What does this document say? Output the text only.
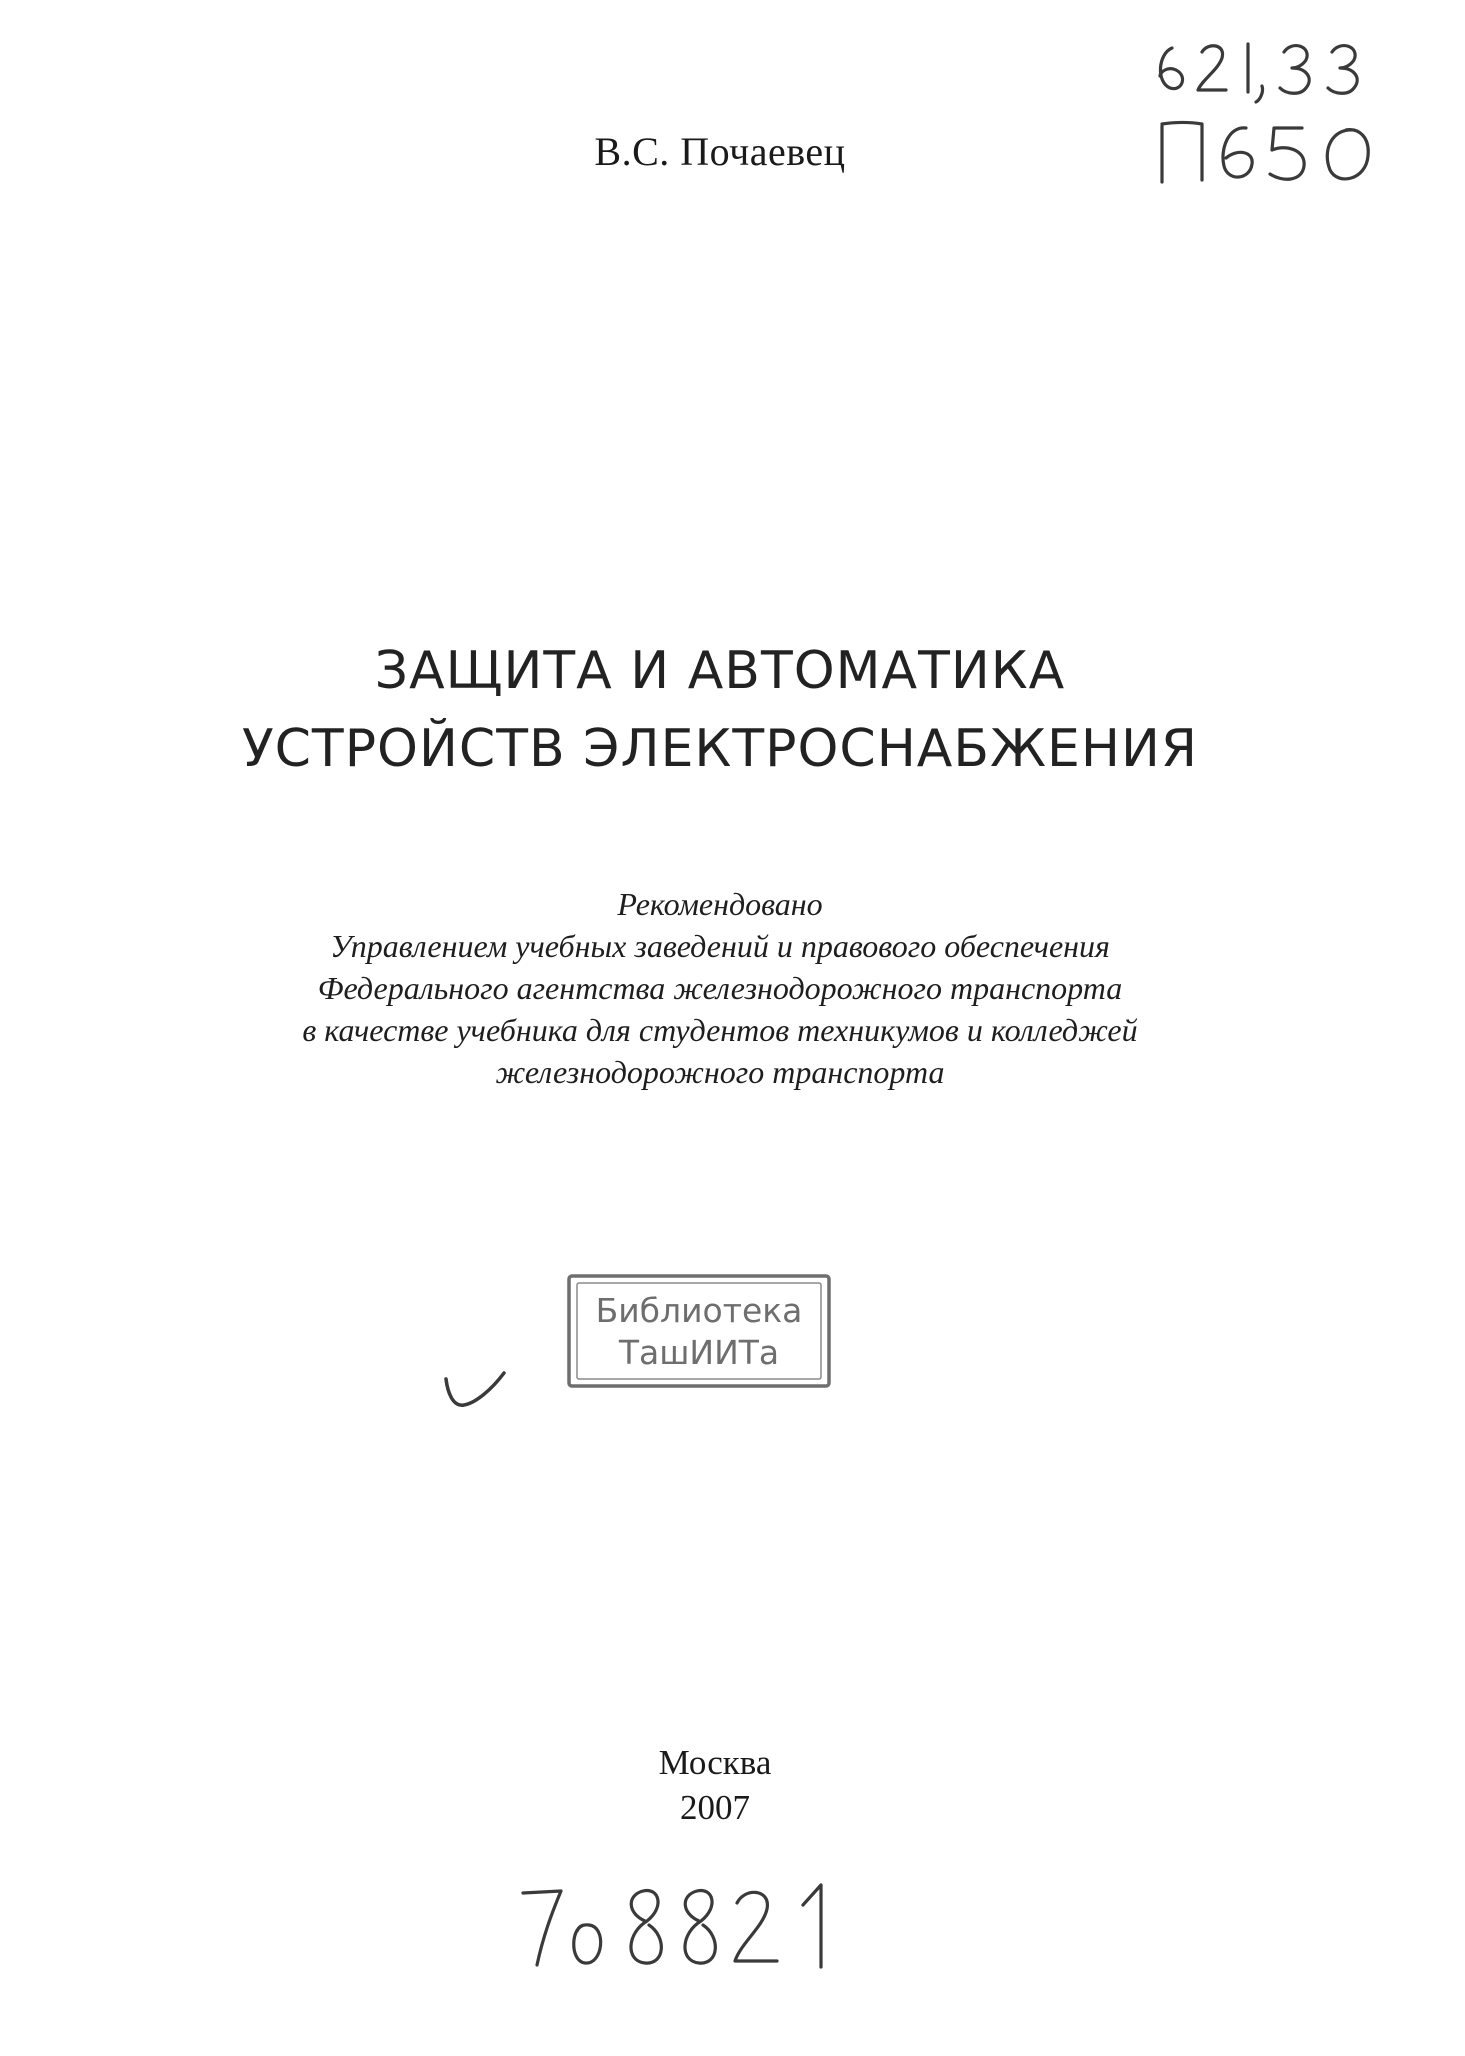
В.С. Почаевец
ЗАЩИТА И АВТОМАТИКА
УСТРОЙСТВ ЭЛЕКТРОСНАБЖЕНИЯ
Рекомендовано
Управлением учебных заведений и правового обеспечения
Федерального агентства железнодорожного транспорта
в качестве учебника для студентов техникумов и колледжей
железнодорожного транспорта
Библиотека
ТашИИТа
Москва
2007
